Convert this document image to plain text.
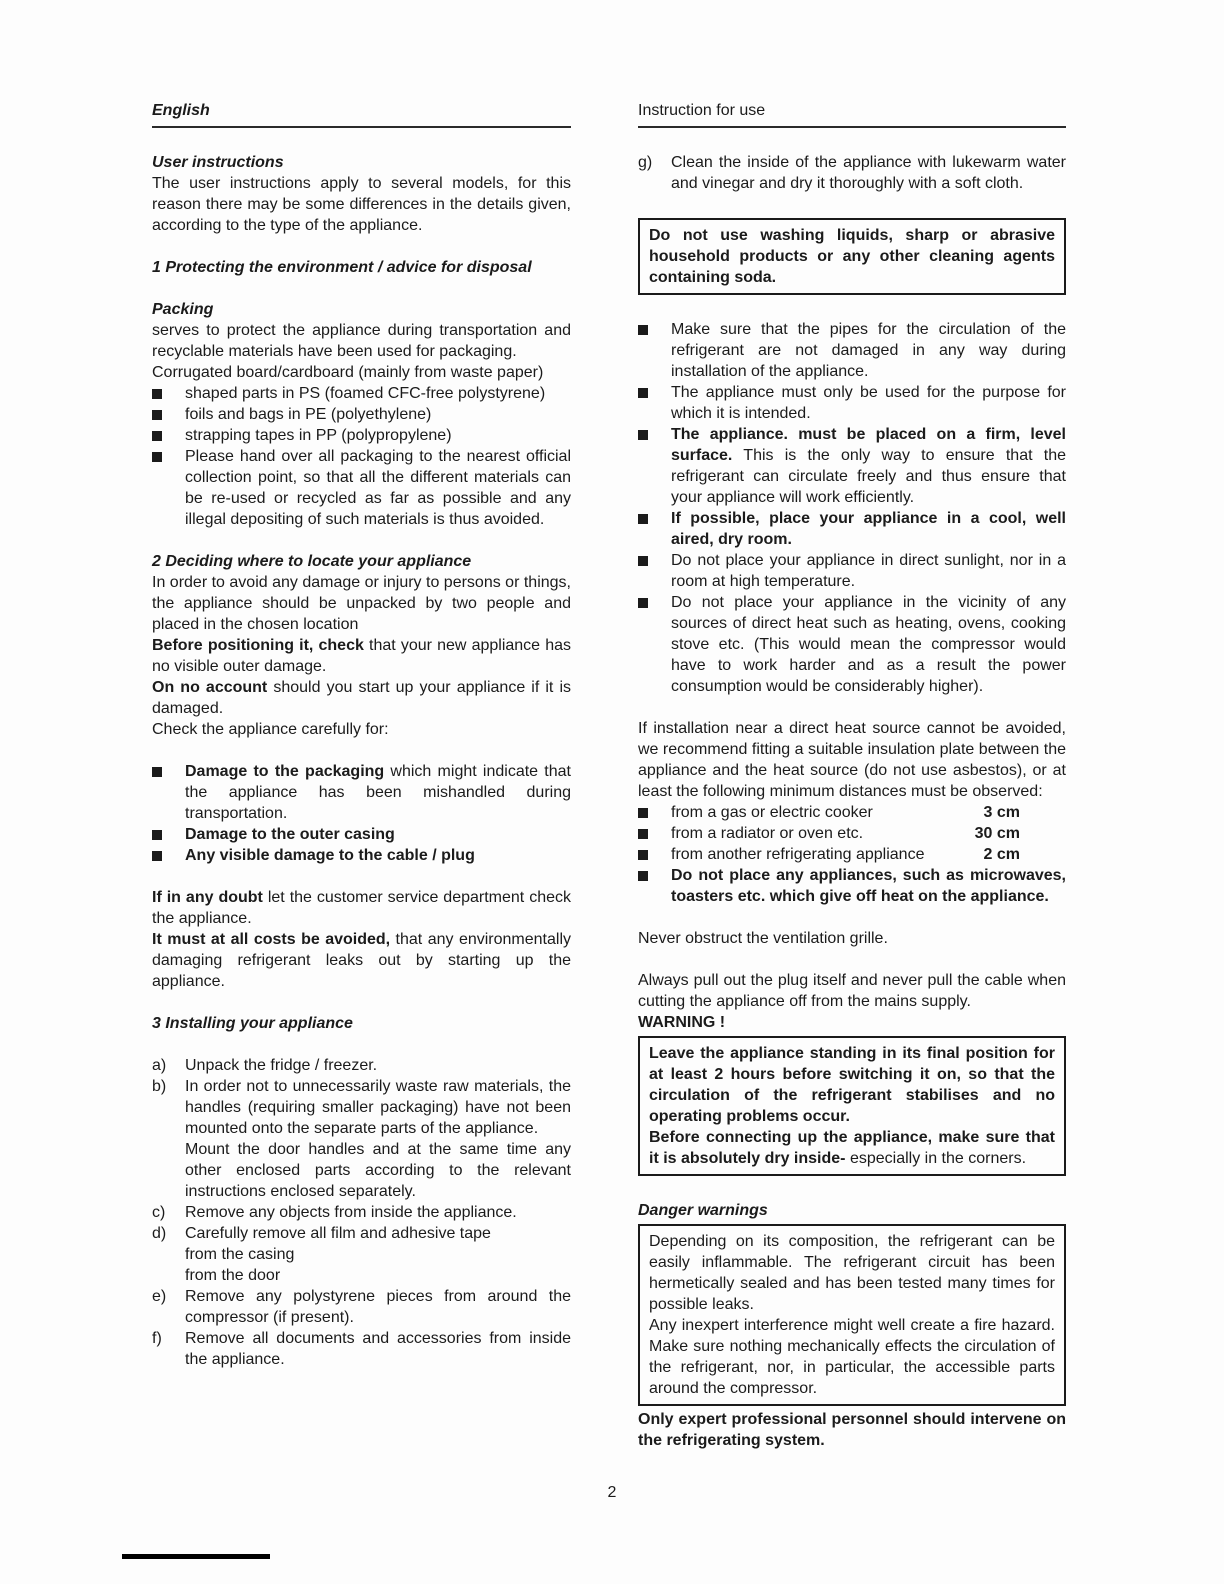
English
User instructions
The user instructions apply to several models, for this reason there may be some differences in the details given, according to the type of the appliance.
1 Protecting the environment / advice for disposal
Packing
serves to protect the appliance during transportation and recyclable materials have been used for packaging.
Corrugated board/cardboard (mainly from waste paper)
shaped parts in PS (foamed CFC-free polystyrene)
foils and bags in PE (polyethylene)
strapping tapes in PP (polypropylene)
Please hand over all packaging to the nearest official collection point, so that all the different materials can be re-used or recycled as far as possible and any illegal depositing of such materials is thus avoided.
2 Deciding where to locate your appliance
In order to avoid any damage or injury to persons or things, the appliance should be unpacked by two people and placed in the chosen location
Before positioning it, check that your new appliance has no visible outer damage.
On no account should you start up your appliance if it is damaged.
Check the appliance carefully for:
Damage to the packaging which might indicate that the appliance has been mishandled during transportation.
Damage to the outer casing
Any visible damage to the cable / plug
If in any doubt let the customer service department check the appliance.
It must at all costs be avoided, that any environmentally damaging refrigerant leaks out by starting up the appliance.
3 Installing your appliance
a)	Unpack the fridge / freezer.
b)	In order not to unnecessarily waste raw materials, the handles (requiring smaller packaging) have not been mounted onto the separate parts of the appliance.
Mount the door handles and at the same time any other enclosed parts according to the relevant instructions enclosed separately.
c)	Remove any objects from inside the appliance.
d)	Carefully remove all film and adhesive tape
from the casing
from the door
e)	Remove any polystyrene pieces from around the compressor (if present).
f)	Remove all documents and accessories from inside the appliance.
Instruction for use
g)	Clean the inside of the appliance with lukewarm water and vinegar and dry it thoroughly with a soft cloth.
Do not use washing liquids, sharp or abrasive household products or any other cleaning agents containing soda.
Make sure that the pipes for the circulation of the refrigerant are not damaged in any way during installation of the appliance.
The appliance must only be used for the purpose for which it is intended.
The appliance. must be placed on a firm, level surface. This is the only way to ensure that the refrigerant can circulate freely and thus ensure that your appliance will work efficiently.
If possible, place your appliance in a cool, well aired, dry room.
Do not place your appliance in direct sunlight, nor in a room at high temperature.
Do not place your appliance in the vicinity of any sources of direct heat such as heating, ovens, cooking stove etc. (This would mean the compressor would have to work harder and as a result the power consumption would be considerably higher).
If installation near a direct heat source cannot be avoided, we recommend fitting a suitable insulation plate between the appliance and the heat source (do not use asbestos), or at least the following minimum distances must be observed:
from a gas or electric cooker	3 cm
from a radiator or oven etc.	30 cm
from another refrigerating appliance	2 cm
Do not place any appliances, such as microwaves, toasters etc. which give off heat on the appliance.
Never obstruct the ventilation grille.
Always pull out the plug itself and never pull the cable when cutting the appliance off from the mains supply.
WARNING !
Leave the appliance standing in its final position for at least 2 hours before switching it on, so that the circulation of the refrigerant stabilises and no operating problems occur.
Before connecting up the appliance, make sure that it is absolutely dry inside- especially in the corners.
Danger warnings
Depending on its composition, the refrigerant can be easily inflammable. The refrigerant circuit has been hermetically sealed and has been tested many times for possible leaks.
Any inexpert interference might well create a fire hazard. Make sure nothing mechanically effects the circulation of the refrigerant, nor, in particular, the accessible parts around the compressor.
Only expert professional personnel should intervene on the refrigerating system.
2
